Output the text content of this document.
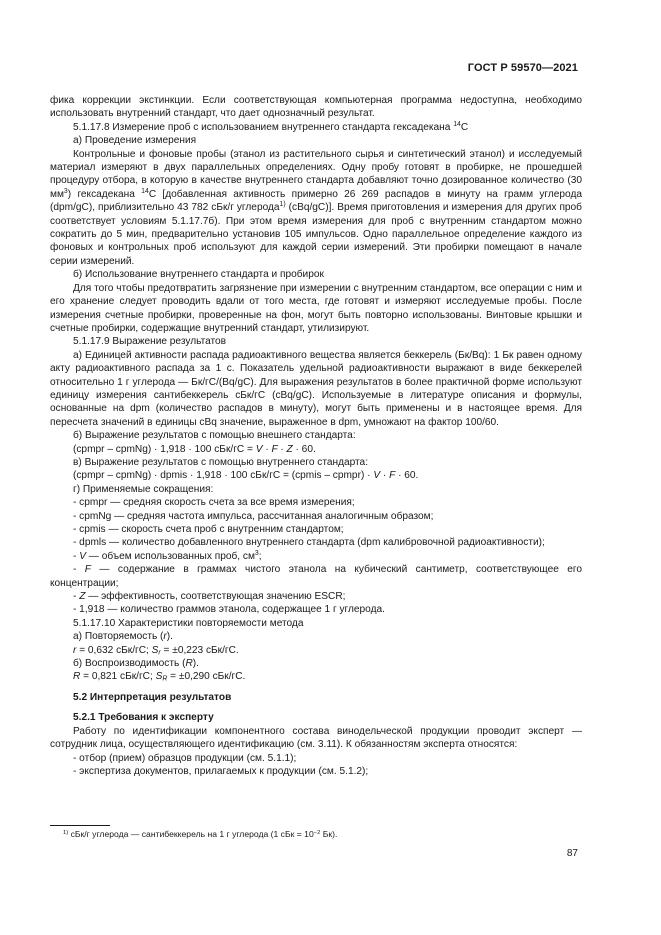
ГОСТ Р 59570—2021

фика коррекции экстинкции. Если соответствующая компьютерная программа недоступна, необходимо использовать внутренний стандарт, что дает однозначный результат.

5.1.17.8 Измерение проб с использованием внутреннего стандарта гексадекана $^{14}$С

а) Проведение измерения

Контрольные и фоновые пробы (этанол из растительного сырья и синтетический этанол) и исследуемый материал измеряют в двух параллельных определениях. Одну пробу готовят в пробирке, не прошедшей процедуру отбора, в которую в качестве внутреннего стандарта добавляют точно дозированное количество (30 $мм^3$) гексадекана $^{14}$С [добавленная активность примерно 26 269 распадов в минуту на грамм углерода (dpm/gC), приблизительно 43 782 сБк/г углерода$^{1)}$ (cBq/gC)]. Время приготовления и измерения для других проб соответствует условиям 5.1.17.7б). При этом время измерения для проб с внутренним стандартом можно сократить до 5 мин, предварительно установив 105 импульсов. Одно параллельное определение каждого из фоновых и контрольных проб используют для каждой серии измерений. Эти пробирки помещают в начале серии измерений.

б) Использование внутреннего стандарта и пробирок

Для того чтобы предотвратить загрязнение при измерении с внутренним стандартом, все операции с ним и его хранение следует проводить вдали от того места, где готовят и измеряют исследуемые пробы. После измерения счетные пробирки, проверенные на фон, могут быть повторно использованы. Винтовые крышки и счетные пробирки, содержащие внутренний стандарт, утилизируют.

5.1.17.9 Выражение результатов

а) Единицей активности распада радиоактивного вещества является беккерель (Бк/Bq): 1 Бк равен одному акту радиоактивного распада за 1 с. Показатель удельной радиоактивности выражают в виде беккерелей относительно 1 г углерода — Бк/гС/(Bq/gC). Для выражения результатов в более практичной форме используют единицу измерения сантибеккерель сБк/гС (cBq/gC). Используемые в литературе описания и формулы, основанные на dpm (количество распадов в минуту), могут быть применены и в настоящее время. Для пересчета значений в единицы cBq значение, выраженное в dpm, умножают на фактор 100/60.

б) Выражение результатов с помощью внешнего стандарта:

(cpmpr – cpmNg) · 1,918 · 100 сБк/гС = V · F · Z · 60.

в) Выражение результатов с помощью внутреннего стандарта:

(cpmpr – cpmNg) · dpmis · 1,918 · 100 сБк/гС = (cpmis – cpmpr) · V · F · 60.

г) Применяемые сокращения:

- cpmpr — средняя скорость счета за все время измерения;

- cpmNg — средняя частота импульса, рассчитанная аналогичным образом;

- cpmis — скорость счета проб с внутренним стандартом;

- dpmls — количество добавленного внутреннего стандарта (dpm калибровочной радиоактивности);

- V — объем использованных проб, $см^3$;

- F — содержание в граммах чистого этанола на кубический сантиметр, соответствующее его концентрации;

- Z — эффективность, соответствующая значению ESCR;

- 1,918 — количество граммов этанола, содержащее 1 г углерода.

5.1.17.10 Характеристики повторяемости метода

а) Повторяемость (r).

r = 0,632 сБк/гС; $S_r = \pm 0,223$ сБк/гС.

б) Воспроизводимость (R).

R = 0,821 сБк/гС; $S_R = \pm 0,290$ сБк/гС.

5.2 Интерпретация результатов

5.2.1 Требования к эксперту

Работу по идентификации компонентного состава винодельческой продукции проводит эксперт — сотрудник лица, осуществляющего идентификацию (см. 3.11). К обязанностям эксперта относятся:

- отбор (прием) образцов продукции (см. 5.1.1);

- экспертиза документов, прилагаемых к продукции (см. 5.1.2);

$^{1)}$ сБк/г углерода — сантибеккерель на 1 г углерода (1 сБк = $10^{-2}$ Бк).
87
